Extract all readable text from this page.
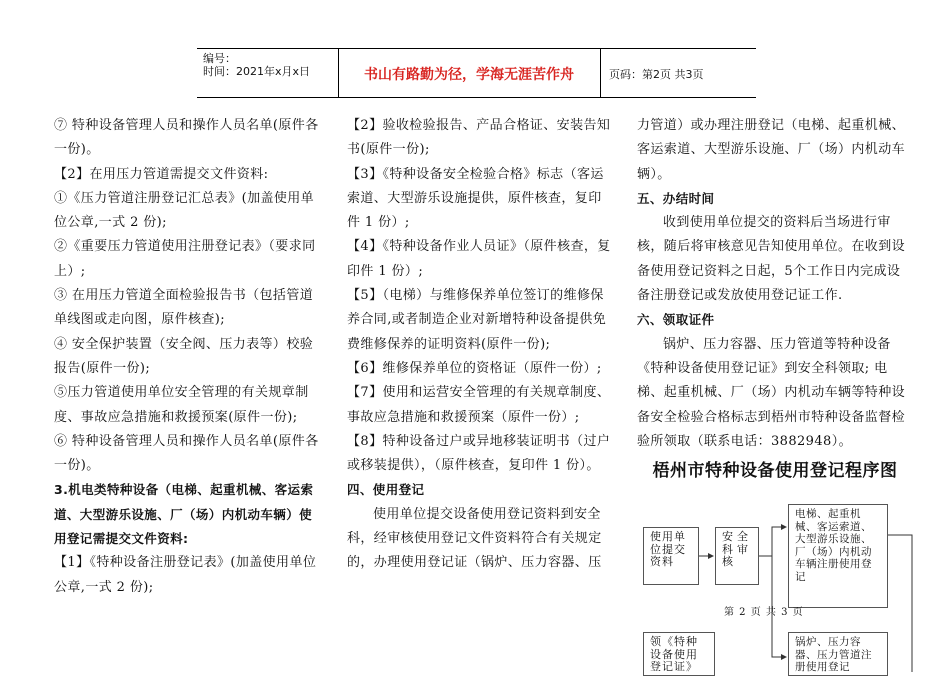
编号：
时间：2021年x月x日	书山有路勤为径，学海无涯苦作舟	页码：第2页 共3页

⑦ 特种设备管理人员和操作人员名单(原件各一份)。

【2】在用压力管道需提交文件资料:

①《压力管道注册登记汇总表》(加盖使用单位公章,一式 2 份);

②《重要压力管道使用注册登记表》（要求同上）;

③ 在用压力管道全面检验报告书（包括管道单线图或走向图，原件核查);

④ 安全保护装置（安全阀、压力表等）校验报告(原件一份);

⑤压力管道使用单位安全管理的有关规章制度、事故应急措施和救援预案(原件一份);

⑥ 特种设备管理人员和操作人员名单(原件各一份)。

3.机电类特种设备（电梯、起重机械、客运索道、大型游乐设施、厂（场）内机动车辆）使用登记需提交文件资料:

【1】《特种设备注册登记表》(加盖使用单位公章,一式 2 份);

【2】验收检验报告、产品合格证、安装告知书(原件一份);

【3】《特种设备安全检验合格》标志（客运索道、大型游乐设施提供，原件核查，复印件 1 份）;

【4】《特种设备作业人员证》（原件核查，复印件 1 份）;

【5】（电梯）与维修保养单位签订的维修保养合同,或者制造企业对新增特种设备提供免费维修保养的证明资料(原件一份);

【6】维修保养单位的资格证（原件一份）;

【7】使用和运营安全管理的有关规章制度、事故应急措施和救援预案（原件一份）;

【8】特种设备过户或异地移装证明书（过户或移装提供），（原件核查，复印件 1 份）。

四、使用登记

使用单位提交设备使用登记资料到安全科，经审核使用登记文件资料符合有关规定的，办理使用登记证（锅炉、压力容器、压

力管道）或办理注册登记（电梯、起重机械、客运索道、大型游乐设施、厂（场）内机动车辆）。

五、办结时间

收到使用单位提交的资料后当场进行审核，随后将审核意见告知使用单位。在收到设备使用登记资料之日起，5个工作日内完成设备注册登记或发放使用登记证工作.

六、领取证件

锅炉、压力容器、压力管道等特种设备《特种设备使用登记证》到安全科领取; 电梯、起重机械、厂（场）内机动车辆等特种设备安全检验合格标志到梧州市特种设备监督检验所领取（联系电话：3882948）。

梧州市特种设备使用登记程序图
使用单位提交资料
安全科审核
电梯、起重机械、客运索道、大型游乐设施、厂（场）内机动车辆注册使用登记
领《特种设备使用登记证》
锅炉、压力容器、压力管道注册使用登记
第 2 页 共 3 页
